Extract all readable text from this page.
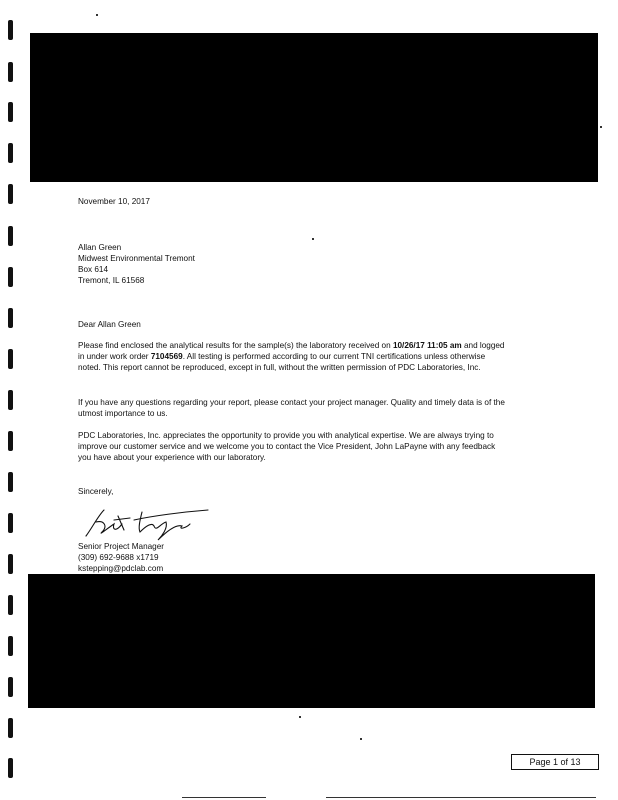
November 10, 2017
Allan Green
Midwest Environmental Tremont
Box 614
Tremont, IL 61568
Dear Allan Green
Please find enclosed the analytical results for the sample(s) the laboratory received on 10/26/17 11:05 am and logged in under work order 7104569. All testing is performed according to our current TNI certifications unless otherwise noted. This report cannot be reproduced, except in full, without the written permission of PDC Laboratories, Inc.
If you have any questions regarding your report, please contact your project manager. Quality and timely data is of the utmost importance to us.
PDC Laboratories, Inc. appreciates the opportunity to provide you with analytical expertise. We are always trying to improve our customer service and we welcome you to contact the Vice President, John LaPayne with any feedback you have about your experience with our laboratory.
Sincerely,
Senior Project Manager
(309) 692-9688 x1719
kstepping@pdclab.com
Page 1 of 13
